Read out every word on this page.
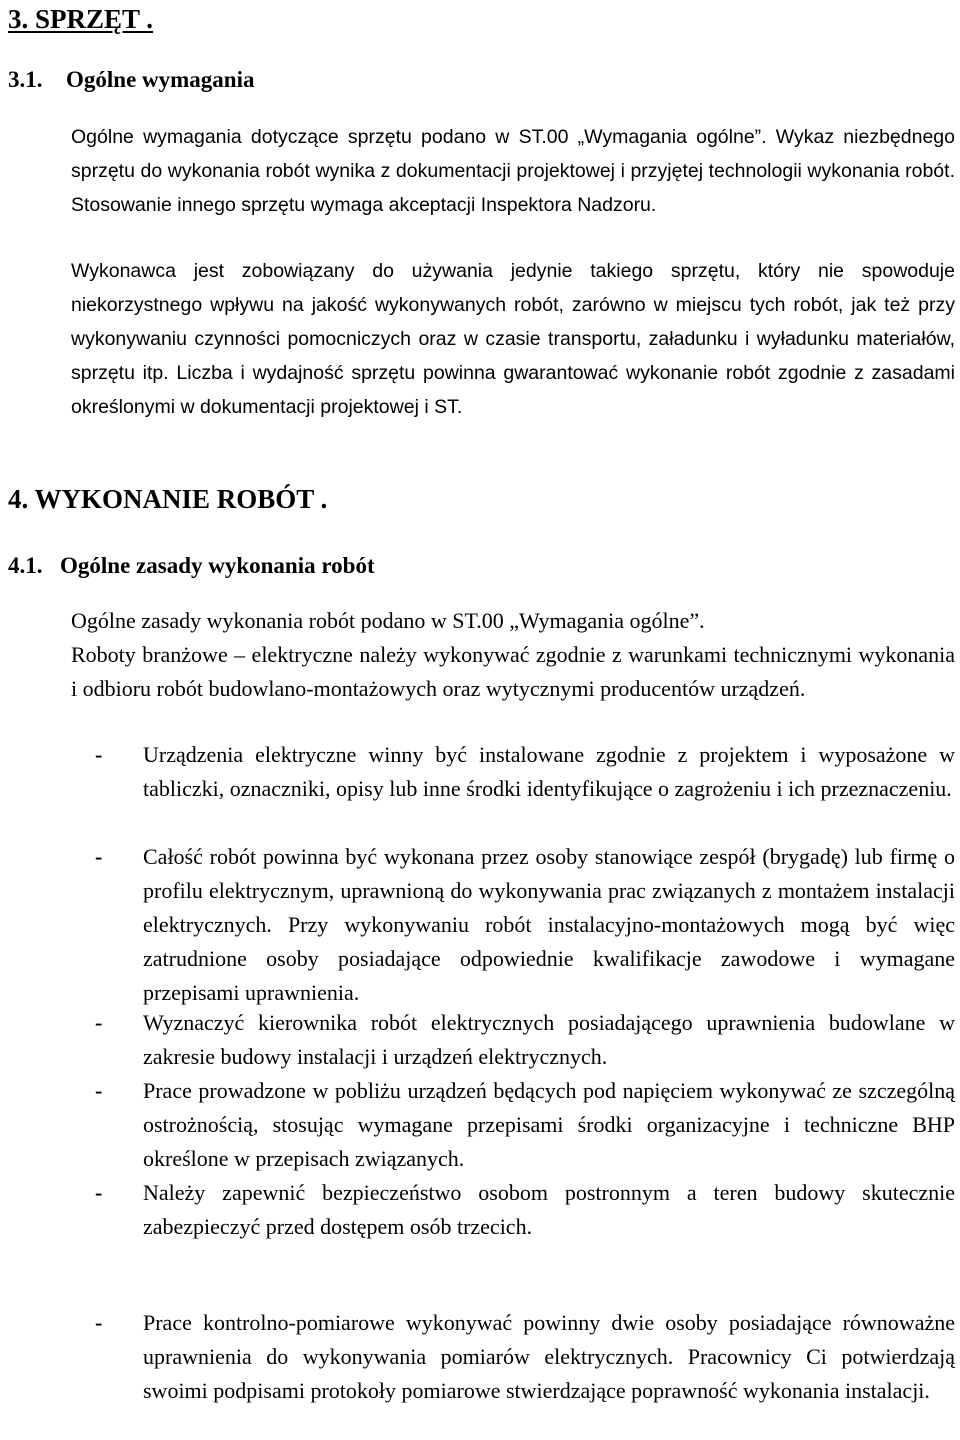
3. SPRZĘT .
3.1. Ogólne wymagania

Ogólne wymagania dotyczące sprzętu podano w ST.00 „Wymagania ogólne”. Wykaz niezbędnego sprzętu do wykonania robót wynika z dokumentacji projektowej i przyjętej technologii wykonania robót. Stosowanie innego sprzętu wymaga akceptacji Inspektora Nadzoru.

Wykonawca jest zobowiązany do używania jedynie takiego sprzętu, który nie spowoduje niekorzystnego wpływu na jakość wykonywanych robót, zarówno w miejscu tych robót, jak też przy wykonywaniu czynności pomocniczych oraz w czasie transportu, załadunku i wyładunku materiałów, sprzętu itp. Liczba i wydajność sprzętu powinna gwarantować wykonanie robót zgodnie z zasadami określonymi w dokumentacji projektowej i ST.

4. WYKONANIE ROBÓT .
4.1. Ogólne zasady wykonania robót

Ogólne zasady wykonania robót podano w ST.00 „Wymagania ogólne”.

Roboty branżowe – elektryczne należy wykonywać zgodnie z warunkami technicznymi wykonania i odbioru robót budowlano-montażowych oraz wytycznymi producentów urządzeń.

-	Urządzenia elektryczne winny być instalowane zgodnie z projektem i wyposażone w tabliczki, oznaczniki, opisy lub inne środki identyfikujące o zagrożeniu i ich przeznaczeniu.
-	Całość robót powinna być wykonana przez osoby stanowiące zespół (brygadę) lub firmę o profilu elektrycznym, uprawnioną do wykonywania prac związanych z montażem instalacji elektrycznych. Przy wykonywaniu robót instalacyjno-montażowych mogą być więc zatrudnione osoby posiadające odpowiednie kwalifikacje zawodowe i wymagane przepisami uprawnienia.
-	Wyznaczyć kierownika robót elektrycznych posiadającego uprawnienia budowlane w zakresie budowy instalacji i urządzeń elektrycznych.
-	Prace prowadzone w pobliżu urządzeń będących pod napięciem wykonywać ze szczególną ostrożnością, stosując wymagane przepisami środki organizacyjne i techniczne BHP określone w przepisach związanych.
-	Należy zapewnić bezpieczeństwo osobom postronnym a teren budowy skutecznie zabezpieczyć przed dostępem osób trzecich.
-	Prace kontrolno-pomiarowe wykonywać powinny dwie osoby posiadające równoważne uprawnienia do wykonywania pomiarów elektrycznych. Pracownicy Ci potwierdzają swoimi podpisami protokoły pomiarowe stwierdzające poprawność wykonania instalacji.
